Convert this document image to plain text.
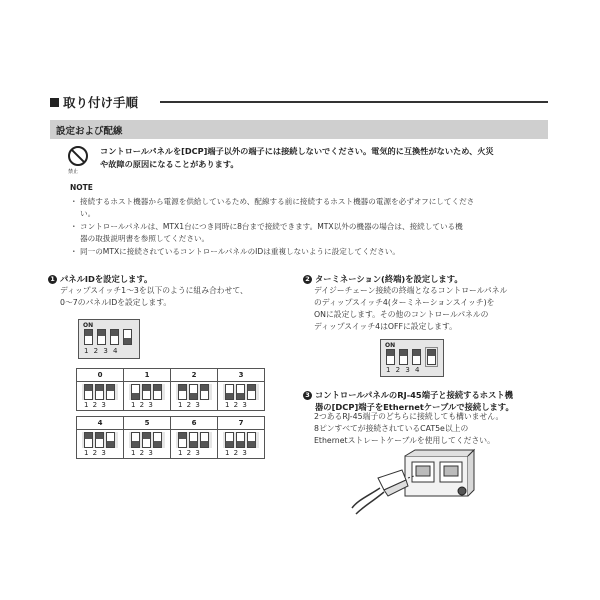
取り付け手順
設定および配線
禁止
コントロールパネルを[DCP]端子以外の端子には接続しないでください。電気的に互換性がないため、火災
や故障の原因になることがあります。
NOTE
・ 接続するホスト機器から電源を供給しているため、配線する前に接続するホスト機器の電源を必ずオフにしてくださ
　 い。
・ コントロールパネルは、MTX1台につき同時に8台まで接続できます。MTX以外の機器の場合は、接続している機
　 器の取扱説明書を参照してください。
・ 同一のMTXに接続されているコントロールパネルのIDは重複しないように設定してください。
1 パネルIDを設定します。
ディップスイッチ1〜3を以下のように組み合わせて、
0〜7のパネルIDを設定します。
ON
1 2 3 4
0
1 2 3
1
1 2 3
2
1 2 3
3
1 2 3
4
1 2 3
5
1 2 3
6
1 2 3
7
1 2 3
2 ターミネーション(終端)を設定します。
デイジーチェーン接続の終端となるコントロールパネル
のディップスイッチ4(ターミネーションスイッチ)を
ONに設定します。その他のコントロールパネルの
ディップスイッチ4はOFFに設定します。
ON
1 2 3 4
3 コントロールパネルのRJ-45端子と接続するホスト機
器の[DCP]端子をEthernetケーブルで接続します。
2つあるRJ-45端子のどちらに接続しても構いません。
8ピンすべてが接続されているCAT5e以上の
Ethernetストレートケーブルを使用してください。
